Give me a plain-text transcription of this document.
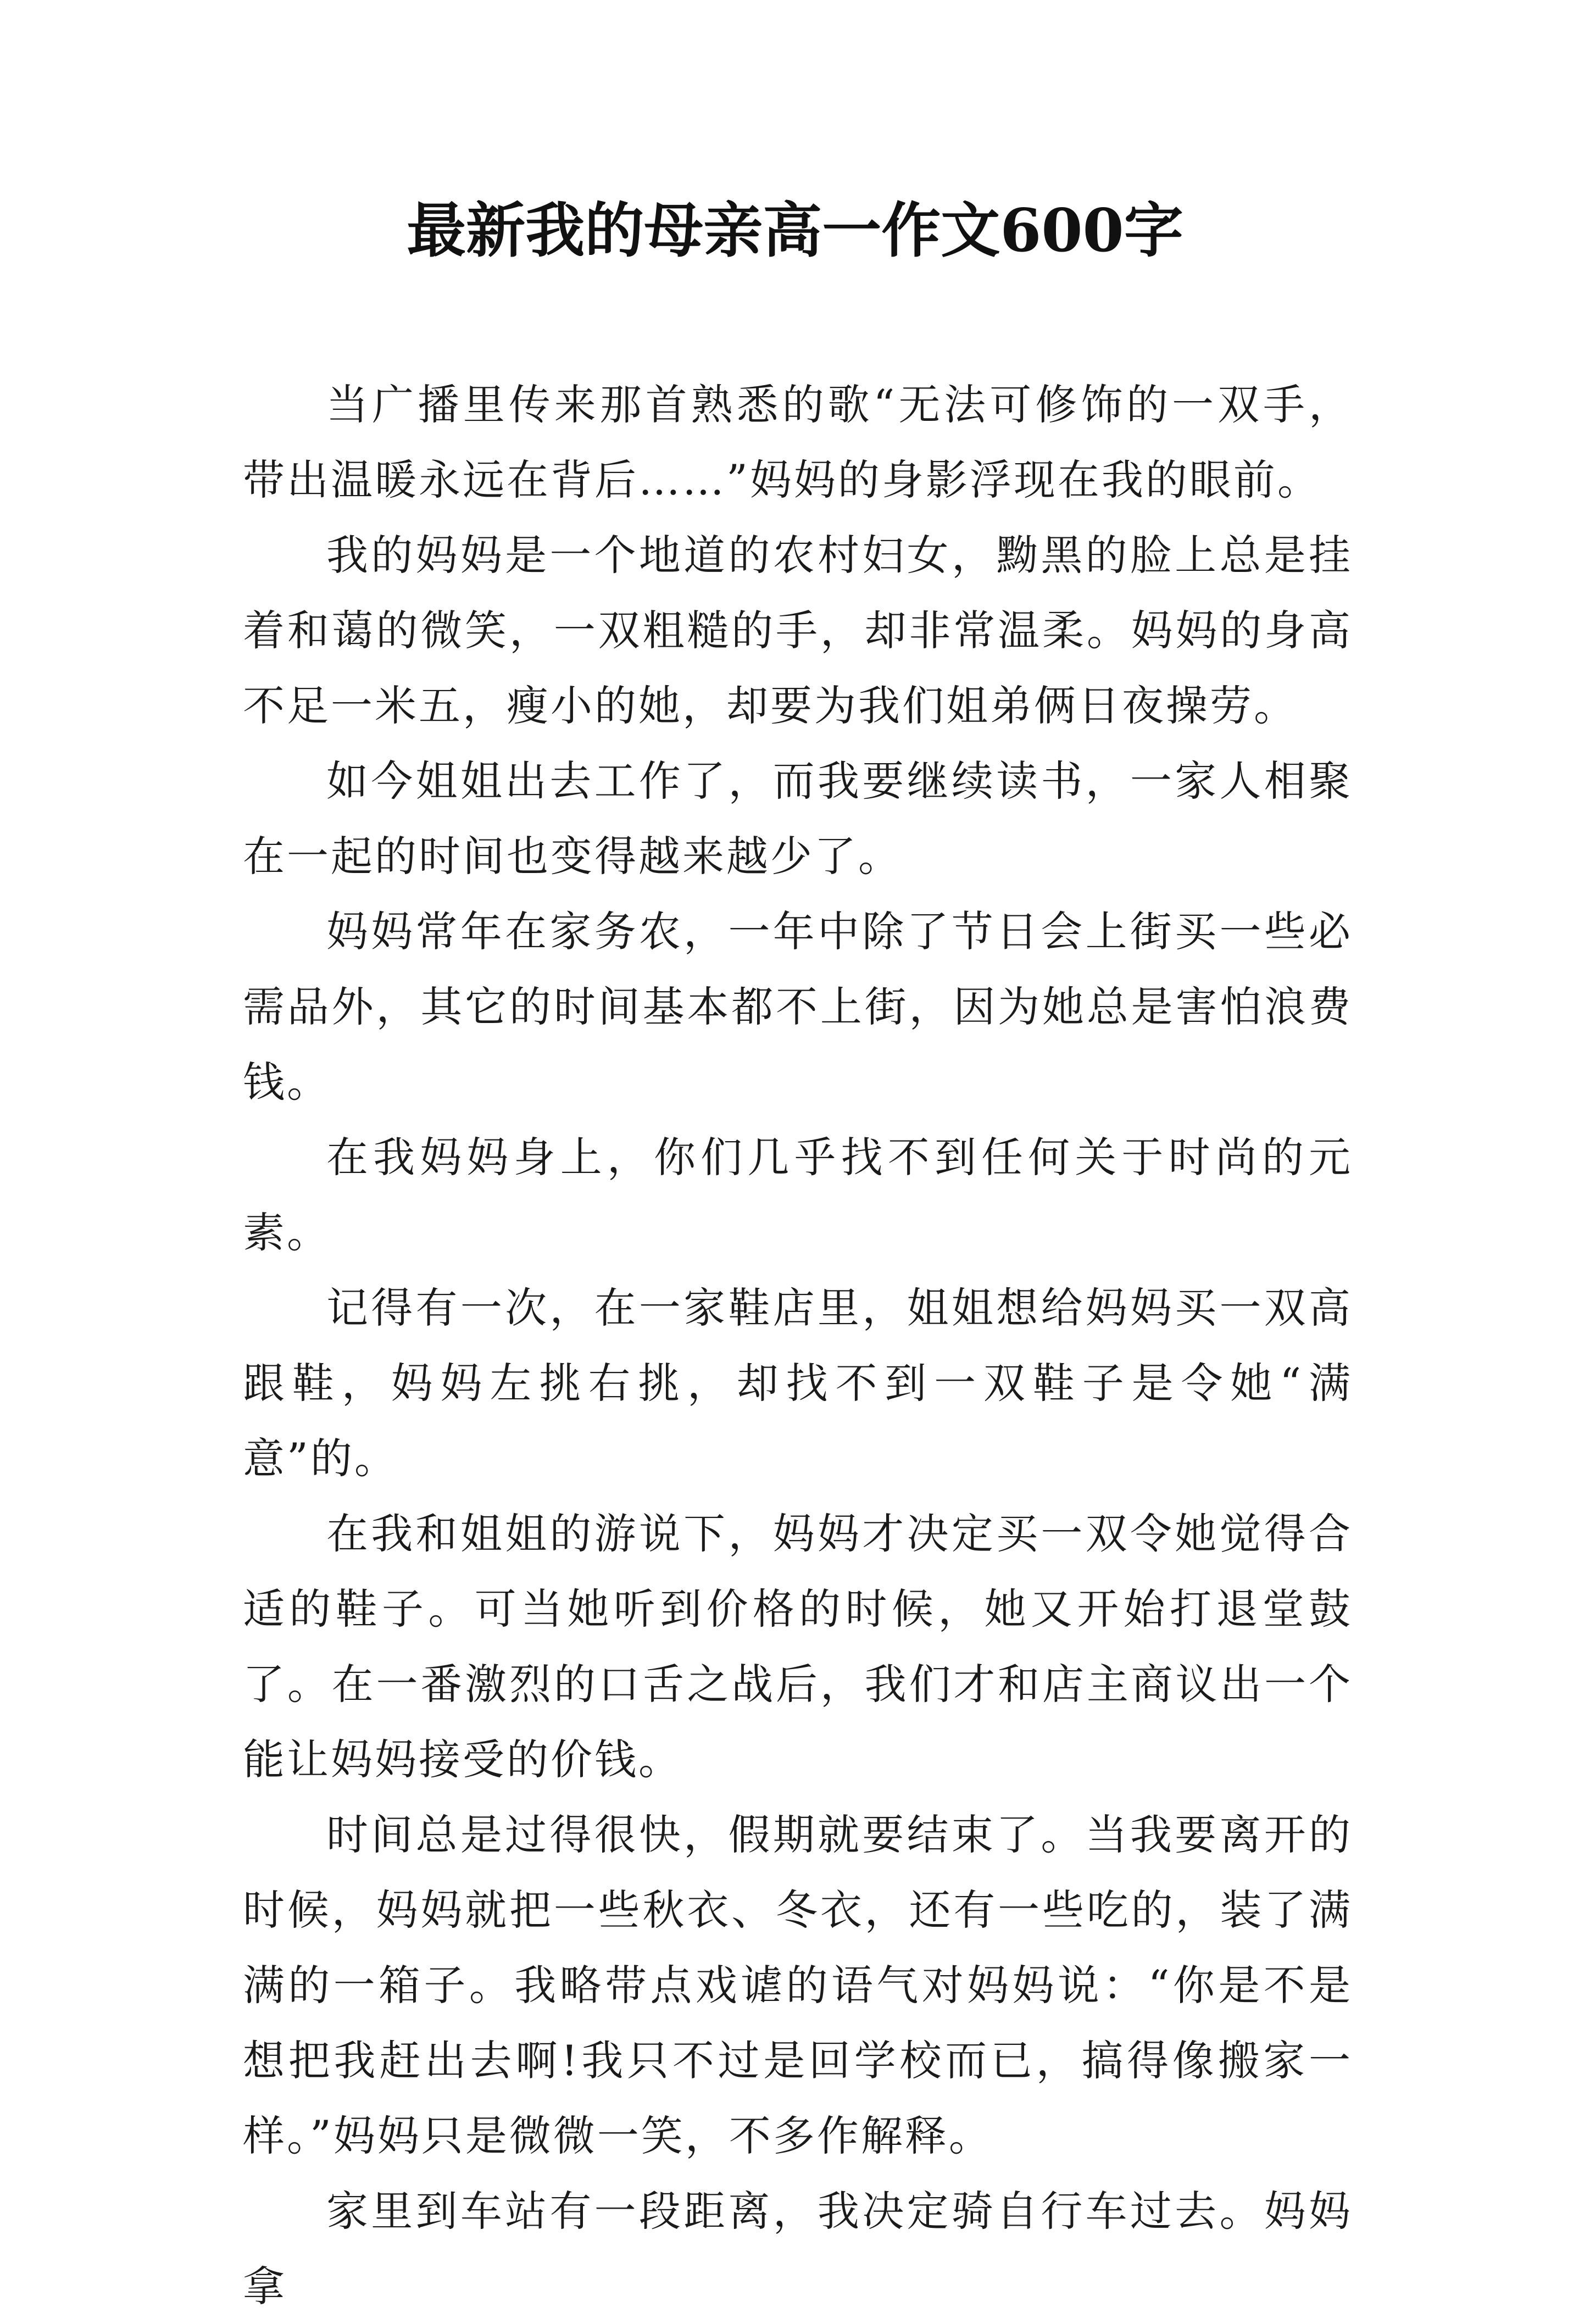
最新我的母亲高一作文600字

当广播里传来那首熟悉的歌“无法可修饰的一双手，带出温暖永远在背后……”妈妈的身影浮现在我的眼前。

我的妈妈是一个地道的农村妇女，黝黑的脸上总是挂着和蔼的微笑，一双粗糙的手，却非常温柔。妈妈的身高不足一米五，瘦小的她，却要为我们姐弟俩日夜操劳。

如今姐姐出去工作了，而我要继续读书，一家人相聚在一起的时间也变得越来越少了。

妈妈常年在家务农，一年中除了节日会上街买一些必需品外，其它的时间基本都不上街，因为她总是害怕浪费钱。

在我妈妈身上，你们几乎找不到任何关于时尚的元素。

记得有一次，在一家鞋店里，姐姐想给妈妈买一双高跟鞋，妈妈左挑右挑，却找不到一双鞋子是令她“满意”的。

在我和姐姐的游说下，妈妈才决定买一双令她觉得合适的鞋子。可当她听到价格的时候，她又开始打退堂鼓了。在一番激烈的口舌之战后，我们才和店主商议出一个能让妈妈接受的价钱。

时间总是过得很快，假期就要结束了。当我要离开的时候，妈妈就把一些秋衣、冬衣，还有一些吃的，装了满满的一箱子。我略带点戏谑的语气对妈妈说：“你是不是想把我赶出去啊!我只不过是回学校而已，搞得像搬家一样。”妈妈只是微微一笑，不多作解释。

家里到车站有一段距离，我决定骑自行车过去。妈妈拿
